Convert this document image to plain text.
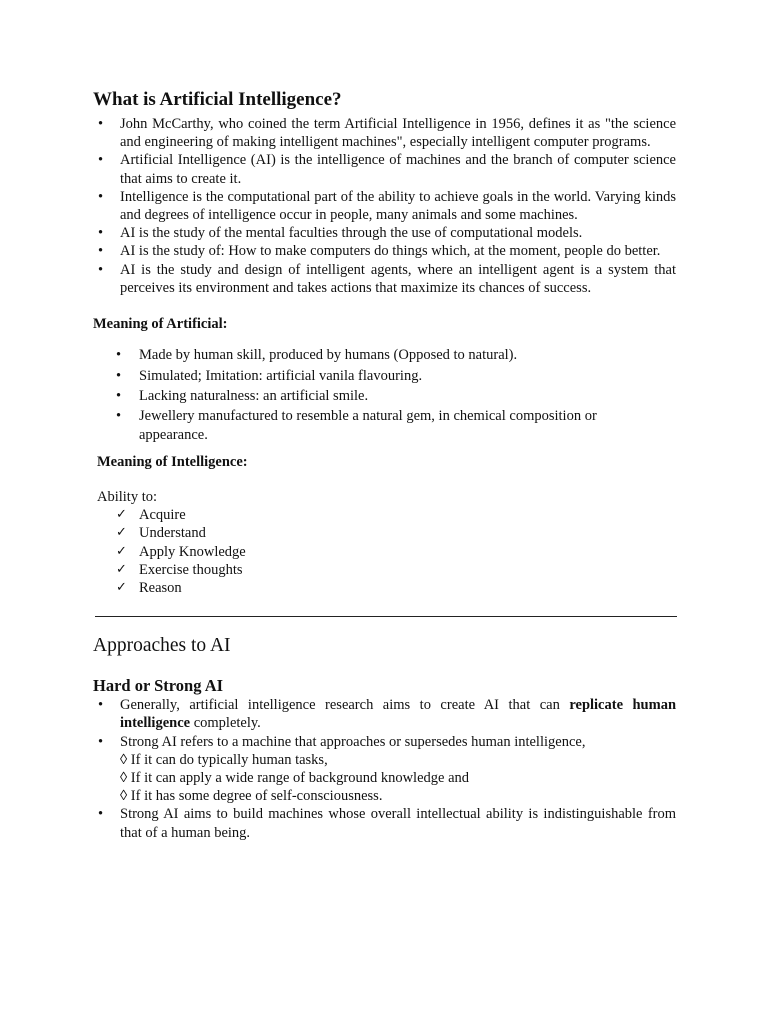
What is Artificial Intelligence?
• John McCarthy, who coined the term Artificial Intelligence in 1956, defines it as "the science and engineering of making intelligent machines", especially intelligent computer programs.
• Artificial Intelligence (AI) is the intelligence of machines and the branch of computer science that aims to create it.
• Intelligence is the computational part of the ability to achieve goals in the world. Varying kinds and degrees of intelligence occur in people, many animals and some machines.
• AI is the study of the mental faculties through the use of computational models.
• AI is the study of: How to make computers do things which, at the moment, people do better.
• AI is the study and design of intelligent agents, where an intelligent agent is a system that perceives its environment and takes actions that maximize its chances of success.

Meaning of Artificial:

• Made by human skill, produced by humans (Opposed to natural).
• Simulated; Imitation: artificial vanila flavouring.
• Lacking naturalness: an artificial smile.
• Jewellery manufactured to resemble a natural gem, in chemical composition or appearance.

Meaning of Intelligence:

Ability to:

✓ Acquire
✓ Understand
✓ Apply Knowledge
✓ Exercise thoughts
✓ Reason
Approaches to AI
Hard or Strong AI
• Generally, artificial intelligence research aims to create AI that can replicate human intelligence completely.
• Strong AI refers to a machine that approaches or supersedes human intelligence,
◊ If it can do typically human tasks,
◊ If it can apply a wide range of background knowledge and
◊ If it has some degree of self-consciousness.
• Strong AI aims to build machines whose overall intellectual ability is indistinguishable from that of a human being.
